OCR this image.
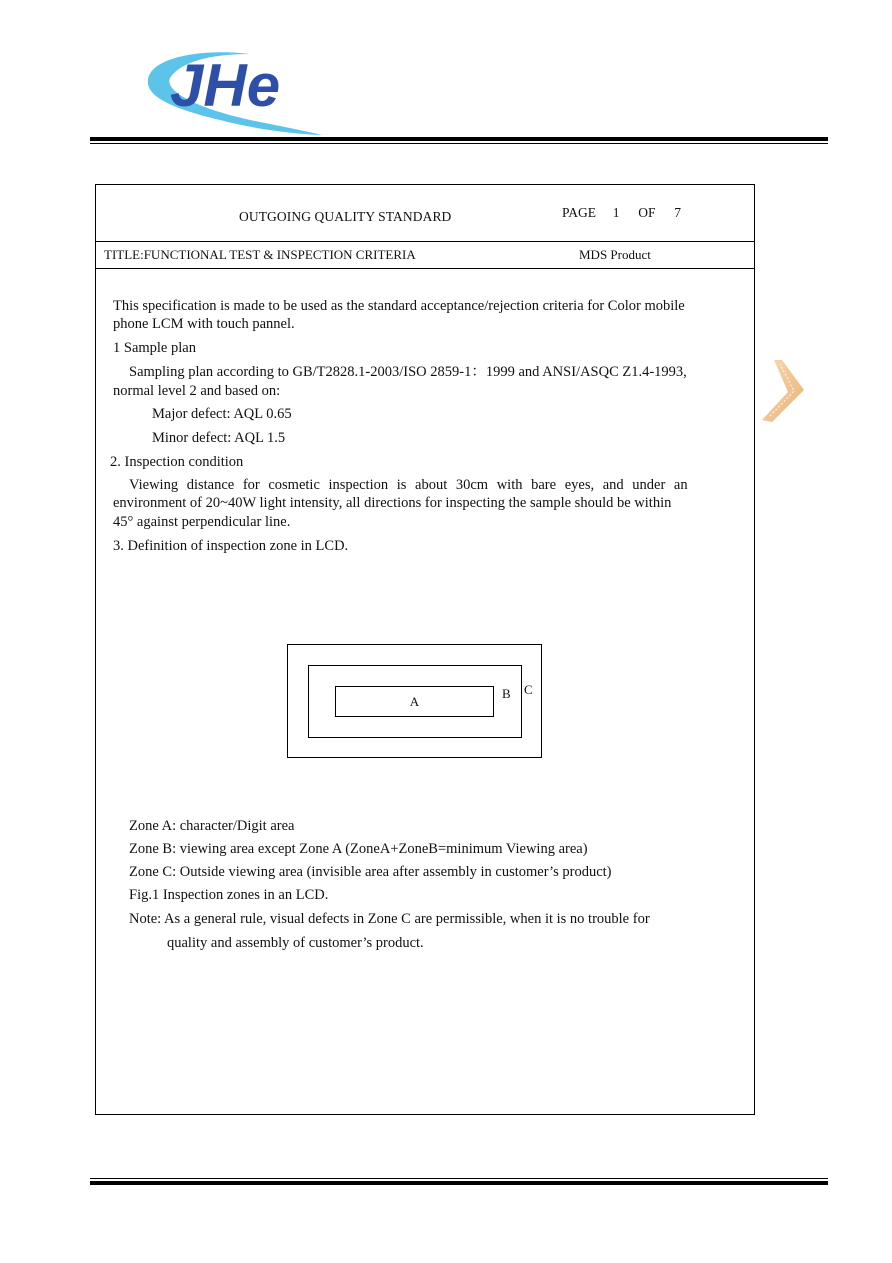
JHe
OUTGOING QUALITY STANDARD	PAGE 1 OF 7
TITLE:FUNCTIONAL TEST & INSPECTION CRITERIA	MDS Product
This specification is made to be used as the standard acceptance/rejection criteria for Color mobile
phone LCM with touch pannel.
1 Sample plan
Sampling plan according to GB/T2828.1-2003/ISO 2859-1：1999 and ANSI/ASQC Z1.4-1993,
normal level 2 and based on:
Major defect: AQL 0.65
Minor defect: AQL 1.5
2. Inspection condition
Viewing distance for cosmetic inspection is about 30cm with bare eyes, and under an
environment of 20~40W light intensity, all directions for inspecting the sample should be within
45° against perpendicular line.
3. Definition of inspection zone in LCD.
A
B C
Zone A: character/Digit area
Zone B: viewing area except Zone A (ZoneA+ZoneB=minimum Viewing area)
Zone C: Outside viewing area (invisible area after assembly in customer’s product)
Fig.1 Inspection zones in an LCD.
Note: As a general rule, visual defects in Zone C are permissible, when it is no trouble for
quality and assembly of customer’s product.
